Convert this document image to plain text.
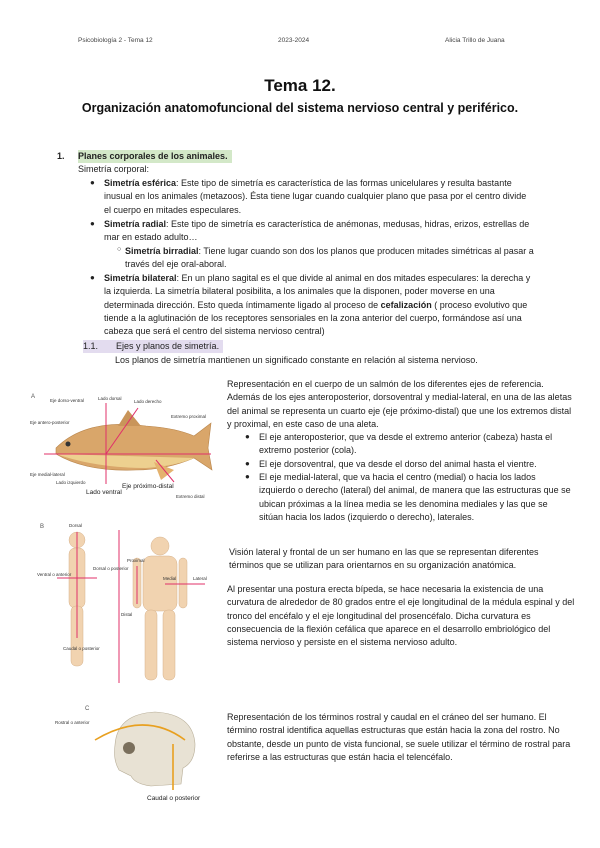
Psicobiología 2 - Tema 12	2023-2024	Alicia Trillo de Juana
Tema 12.
Organización anatomofuncional del sistema nervioso central y periférico.
1. Planes corporales de los animales.
Simetría corporal:
● Simetría esférica: Este tipo de simetría es característica de las formas unicelulares y resulta bastante inusual en los animales (metazoos). Ésta tiene lugar cuando cualquier plano que pasa por el centro divide el cuerpo en mitades especulares.
● Simetría radial: Este tipo de simetría es característica de anémonas, medusas, hidras, erizos, estrellas de mar en estado adulto…
○ Simetría birradial: Tiene lugar cuando son dos los planos que producen mitades simétricas al pasar a través del eje oral-aboral.
● Simetría bilateral: En un plano sagital es el que divide al animal en dos mitades especulares: la derecha y la izquierda. La simetría bilateral posibilita, a los animales que la disponen, poder moverse en una determinada dirección. Esto queda íntimamente ligado al proceso de cefalización ( proceso evolutivo que tiende a la aglutinación de los receptores sensoriales en la zona anterior del cuerpo, formándose así una cabeza que será el centro del sistema nervioso central)
1.1. Ejes y planos de simetría.
Los planos de simetría mantienen un significado constante en relación al sistema nervioso.
A
Eje dorso-ventral	Lado dorsal
Lado derecho
Extremo proximal
Eje antero-posterior
Eje medial-lateral
Lado izquierdo
Extremo distal
Lado ventral
Eje próximo-distal
Representación en el cuerpo de un salmón de los diferentes ejes de referencia. Además de los ejes anteroposterior, dorsoventral y medial-lateral, en una de las aletas del animal se representa un cuarto eje (eje próximo-distal) que une los extremos distal y proximal, en este caso de una aleta.
● El eje anteroposterior, que va desde el extremo anterior (cabeza) hasta el extremo posterior (cola).
● El eje dorsoventral, que va desde el dorso del animal hasta el vientre.
● El eje medial-lateral, que va hacia el centro (medial) o hacia los lados izquierdo o derecho (lateral) del animal, de manera que las estructuras que se ubican próximas a la línea media se les denomina mediales y las que se sitúan hacia los lados (izquierdo o derecho), laterales.
B	Dorsal
Ventral o anterior
Dorsal o posterior
Caudal o posterior
Proximal
Distal
Medial	Lateral
Visión lateral y frontal de un ser humano en las que se representan diferentes términos que se utilizan para orientarnos en su organización anatómica.
Al presentar una postura erecta bípeda, se hace necesaria la existencia de una curvatura de alrededor de 80 grados entre el eje longitudinal de la médula espinal y del tronco del encéfalo y el eje longitudinal del prosencéfalo. Dicha curvatura es consecuencia de la flexión cefálica que aparece en el desarrollo embriológico del sistema nervioso y persiste en el sistema nervioso adulto.
C
Rostral o anterior
Caudal o posterior
Representación de los términos rostral y caudal en el cráneo del ser humano. El término rostral identifica aquellas estructuras que están hacia la zona del rostro. No obstante, desde un punto de vista funcional, se suele utilizar el término de rostral para referirse a las estructuras que están hacia el telencéfalo.
